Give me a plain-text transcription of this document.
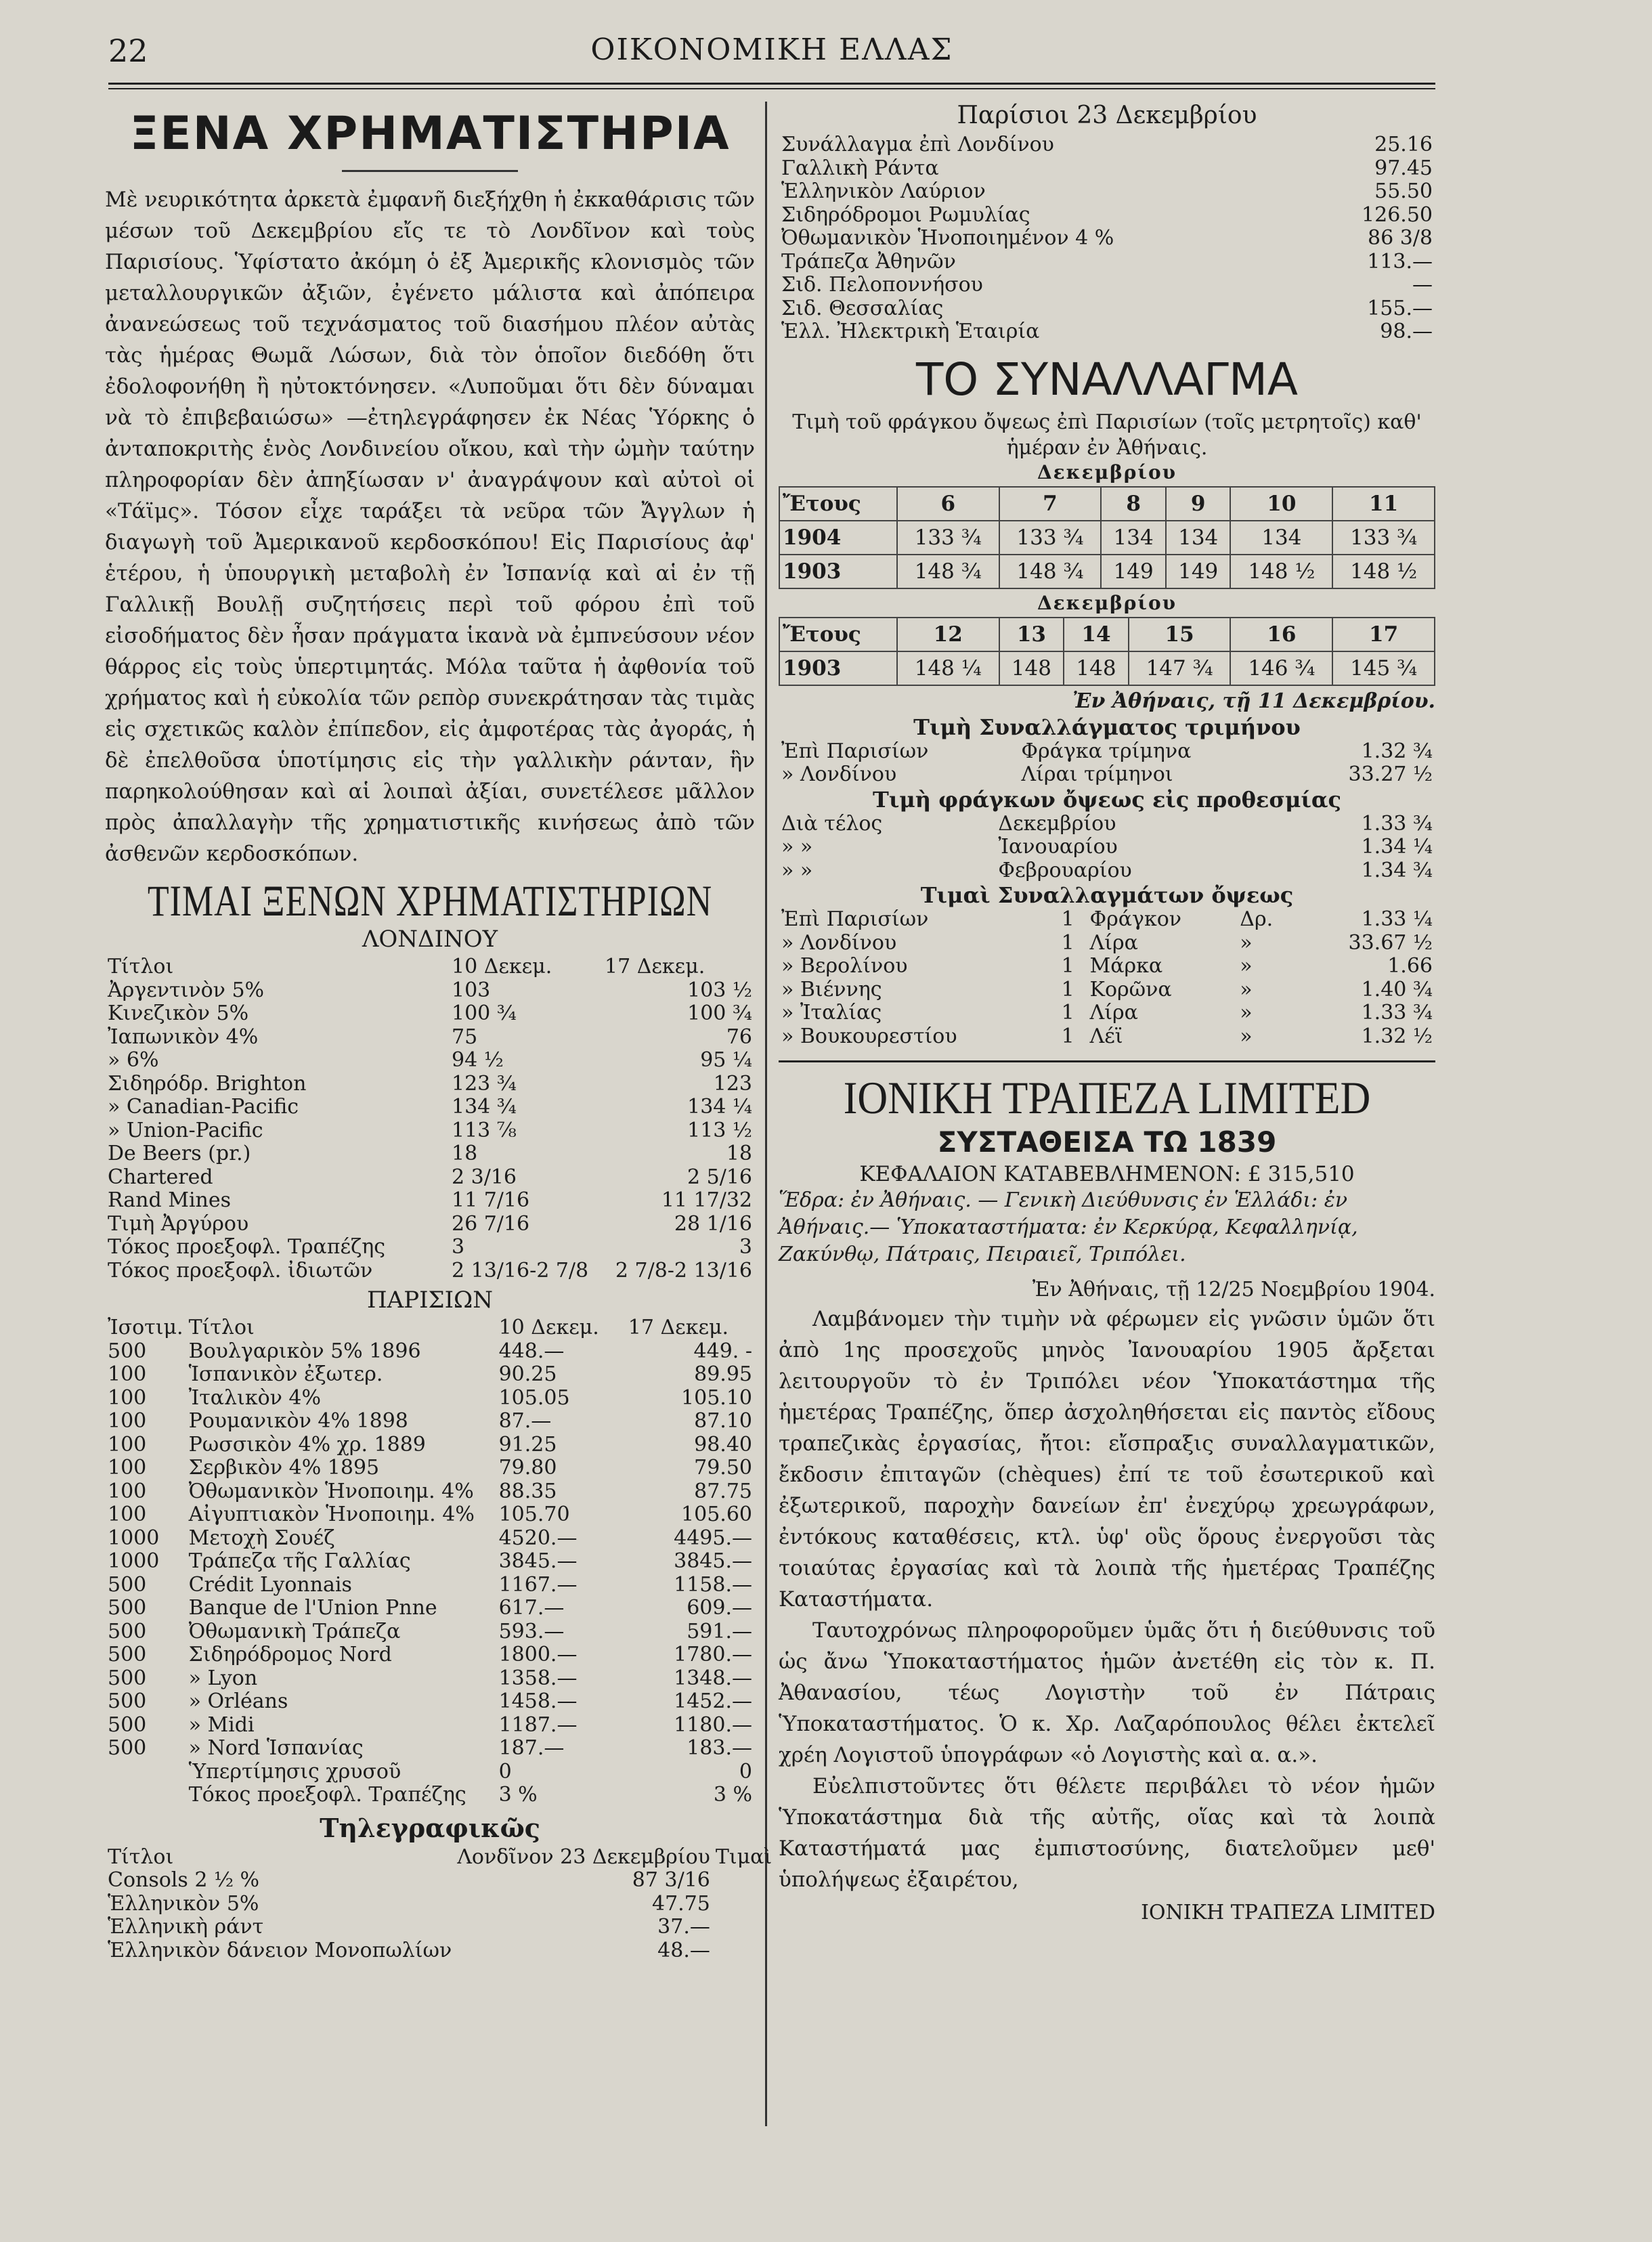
22	ΟΙΚΟΝΟΜΙΚΗ ΕΛΛΑΣ
ΞΕΝΑ ΧΡΗΜΑΤΙΣΤΗΡΙΑ
Μὲ νευρικότητα ἀρκετὰ ἐμφανῆ διεξήχθη ἡ ἐκκαθάρισις τῶν μέσων τοῦ Δεκεμβρίου εἴς τε τὸ Λονδῖνον καὶ τοὺς Παρισίους. Ὑφίστατο ἀκόμη ὁ ἐξ Ἀμερικῆς κλονισμὸς τῶν μεταλλουργικῶν ἀξιῶν, ἐγένετο μάλιστα καὶ ἀπόπειρα ἀνανεώσεως τοῦ τεχνάσματος τοῦ διασήμου πλέον αὐτὰς τὰς ἡμέρας Θωμᾶ Λώσων, διὰ τὸν ὁποῖον διεδόθη ὅτι ἐδολοφονήθη ἢ ηὐτοκτόνησεν. «Λυποῦμαι ὅτι δὲν δύναμαι νὰ τὸ ἐπιβεβαιώσω» —ἐτηλεγράφησεν ἐκ Νέας Ὑόρκης ὁ ἀνταποκριτὴς ἑνὸς Λονδινείου οἴκου, καὶ τὴν ὠμὴν ταύτην πληροφορίαν δὲν ἀπηξίωσαν ν' ἀναγράψουν καὶ αὐτοὶ οἱ «Τάϊμς». Τόσον εἶχε ταράξει τὰ νεῦρα τῶν Ἄγγλων ἡ διαγωγὴ τοῦ Ἀμερικανοῦ κερδοσκόπου! Εἰς Παρισίους ἀφ' ἑτέρου, ἡ ὑπουργικὴ μεταβολὴ ἐν Ἰσπανίᾳ καὶ αἱ ἐν τῇ Γαλλικῇ Βουλῇ συζητήσεις περὶ τοῦ φόρου ἐπὶ τοῦ εἰσοδήματος δὲν ἦσαν πράγματα ἱκανὰ νὰ ἐμπνεύσουν νέον θάρρος εἰς τοὺς ὑπερτιμητάς. Μόλα ταῦτα ἡ ἀφθονία τοῦ χρήματος καὶ ἡ εὐκολία τῶν ρεπὸρ συνεκράτησαν τὰς τιμὰς εἰς σχετικῶς καλὸν ἐπίπεδον, εἰς ἀμφοτέρας τὰς ἀγοράς, ἡ δὲ ἐπελθοῦσα ὑποτίμησις εἰς τὴν γαλλικὴν ράνταν, ἣν παρηκολούθησαν καὶ αἱ λοιπαὶ ἀξίαι, συνετέλεσε μᾶλλον πρὸς ἀπαλλαγὴν τῆς χρηματιστικῆς κινήσεως ἀπὸ τῶν ἀσθενῶν κερδοσκόπων.
ΤΙΜΑΙ ΞΕΝΩΝ ΧΡΗΜΑΤΙΣΤΗΡΙΩΝ
ΛΟΝΔΙΝΟΥ
Τίτλοι	10 Δεκεμ.	17 Δεκεμ.
Ἀργεντινὸν 5%	103	103 ½
Κινεζικὸν 5%	100 ¾	100 ¾
Ἰαπωνικὸν 4%	75	76
» 6%	94 ½	95 ¼
Σιδηρόδρ. Brighton	123 ¾	123
» Canadian-Pacific	134 ¾	134 ¼
» Union-Pacific	113 ⅞	113 ½
De Beers (pr.)	18	18
Chartered	2 3/16	2 5/16
Rand Mines	11 7/16	11 17/32
Τιμὴ Ἀργύρου	26 7/16	28 1/16
Τόκος προεξοφλ. Τραπέζης	3	3
Τόκος προεξοφλ. ἰδιωτῶν	2 13/16-2 7/8	2 7/8-2 13/16
ΠΑΡΙΣΙΩΝ
Ἰσοτιμ.	Τίτλοι	10 Δεκεμ.	17 Δεκεμ.
500	Βουλγαρικὸν 5% 1896	448.—	449. -
100	Ἱσπανικὸν ἐξωτερ.	90.25	89.95
100	Ἰταλικὸν 4%	105.05	105.10
100	Ρουμανικὸν 4% 1898	87.—	87.10
100	Ρωσσικὸν 4% χρ. 1889	91.25	98.40
100	Σερβικὸν 4% 1895	79.80	79.50
100	Ὀθωμανικὸν Ἡνοποιημ. 4%	88.35	87.75
100	Αἰγυπτιακὸν Ἡνοποιημ. 4%	105.70	105.60
1000	Μετοχὴ Σουέζ	4520.—	4495.—
1000	Τράπεζα τῆς Γαλλίας	3845.—	3845.—
500	Crédit Lyonnais	1167.—	1158.—
500	Banque de l'Union Pnne	617.—	609.—
500	Ὀθωμανικὴ Τράπεζα	593.—	591.—
500	Σιδηρόδρομος Nord	1800.—	1780.—
500	» Lyon	1358.—	1348.—
500	» Orléans	1458.—	1452.—
500	» Midi	1187.—	1180.—
500	» Nord Ἱσπανίας	187.—	183.—
	Ὑπερτίμησις χρυσοῦ	0	0
	Τόκος προεξοφλ. Τραπέζης	3 %	3 %
Τηλεγραφικῶς
Τίτλοι	Λονδῖνον 23 Δεκεμβρίου	Τιμαὶ
Consols 2 ½ %	87 3/16	
Ἑλληνικὸν 5%	47.75	
Ἑλληνικὴ ράντ	37.—	
Ἑλληνικὸν δάνειον Μονοπωλίων	48.—	
Παρίσιοι 23 Δεκεμβρίου
Συνάλλαγμα ἐπὶ Λονδίνου	25.16
Γαλλικὴ Ράντα	97.45
Ἑλληνικὸν Λαύριον	55.50
Σιδηρόδρομοι Ρωμυλίας	126.50
Ὀθωμανικὸν Ἡνοποιημένον 4 %	86 3/8
Τράπεζα Ἀθηνῶν	113.—
Σιδ. Πελοποννήσου	—
Σιδ. Θεσσαλίας	155.—
Ἑλλ. Ἠλεκτρικὴ Ἑταιρία	98.—
ΤΟ ΣΥΝΑΛΛΑΓΜΑ
Τιμὴ τοῦ φράγκου ὄψεως ἐπὶ Παρισίων (τοῖς μετρητοῖς) καθ' ἡμέραν ἐν Ἀθήναις.
Δεκεμβρίου
Ἔτους	6	7	8	9	10	11
1904	133 ¾	133 ¾	134	134	134	133 ¾
1903	148 ¾	148 ¾	149	149	148 ½	148 ½
Δεκεμβρίου
Ἔτους	12	13	14	15	16	17
1903	148 ¼	148	148	147 ¾	146 ¾	145 ¾
Ἐν Ἀθήναις, τῇ 11 Δεκεμβρίου.
Τιμὴ Συναλλάγματος τριμήνου
Ἐπὶ Παρισίων	Φράγκα τρίμηνα	1.32 ¾
» Λονδίνου	Λίραι τρίμηνοι	33.27 ½
Τιμὴ φράγκων ὄψεως εἰς προθεσμίας
Διὰ τέλος	Δεκεμβρίου	1.33 ¾
» »	Ἰανουαρίου	1.34 ¼
» »	Φεβρουαρίου	1.34 ¾
Τιμαὶ Συναλλαγμάτων ὄψεως
Ἐπὶ Παρισίων	1	Φράγκον	Δρ.	1.33 ¼
» Λονδίνου	1	Λίρα	»	33.67 ½
» Βερολίνου	1	Μάρκα	»	1.66
» Βιέννης	1	Κορῶνα	»	1.40 ¾
» Ἰταλίας	1	Λίρα	»	1.33 ¾
» Βουκουρεστίου	1	Λέϊ	»	1.32 ½
ΙΟΝΙΚΗ ΤΡΑΠΕΖΑ LIMITED
ΣΥΣΤΑΘΕΙΣΑ ΤΩ 1839
ΚΕΦΑΛΑΙΟΝ ΚΑΤΑΒΕΒΛΗΜΕΝΟΝ: £ 315,510
Ἕδρα: ἐν Ἀθήναις. — Γενικὴ Διεύθυνσις ἐν Ἑλλάδι: ἐν Ἀθήναις.— Ὑποκαταστήματα: ἐν Κερκύρᾳ, Κεφαλληνίᾳ, Ζακύνθῳ, Πάτραις, Πειραιεῖ, Τριπόλει.
Ἐν Ἀθήναις, τῇ 12/25 Νοεμβρίου 1904.
Λαμβάνομεν τὴν τιμὴν νὰ φέρωμεν εἰς γνῶσιν ὑμῶν ὅτι ἀπὸ 1ης προσεχοῦς μηνὸς Ἰανουαρίου 1905 ἄρξεται λειτουργοῦν τὸ ἐν Τριπόλει νέον Ὑποκατάστημα τῆς ἡμετέρας Τραπέζης, ὅπερ ἀσχοληθήσεται εἰς παντὸς εἴδους τραπεζικὰς ἐργασίας, ἤτοι: εἴσπραξις συναλλαγματικῶν, ἔκδοσιν ἐπιταγῶν (chèques) ἐπί τε τοῦ ἐσωτερικοῦ καὶ ἐξωτερικοῦ, παροχὴν δανείων ἐπ' ἐνεχύρῳ χρεωγράφων, ἐντόκους καταθέσεις, κτλ. ὑφ' οὓς ὅρους ἐνεργοῦσι τὰς τοιαύτας ἐργασίας καὶ τὰ λοιπὰ τῆς ἡμετέρας Τραπέζης Καταστήματα.
Ταυτοχρόνως πληροφοροῦμεν ὑμᾶς ὅτι ἡ διεύθυνσις τοῦ ὡς ἄνω Ὑποκαταστήματος ἡμῶν ἀνετέθη εἰς τὸν κ. Π. Ἀθανασίου, τέως Λογιστὴν τοῦ ἐν Πάτραις Ὑποκαταστήματος. Ὁ κ. Χρ. Λαζαρόπουλος θέλει ἐκτελεῖ χρέη Λογιστοῦ ὑπογράφων «ὁ Λογιστὴς καὶ α. α.».
Εὐελπιστοῦντες ὅτι θέλετε περιβάλει τὸ νέον ἡμῶν Ὑποκατάστημα διὰ τῆς αὐτῆς, οἵας καὶ τὰ λοιπὰ Καταστήματά μας ἐμπιστοσύνης, διατελοῦμεν μεθ' ὑπολήψεως ἐξαιρέτου,
ΙΟΝΙΚΗ ΤΡΑΠΕΖΑ LIMITED
